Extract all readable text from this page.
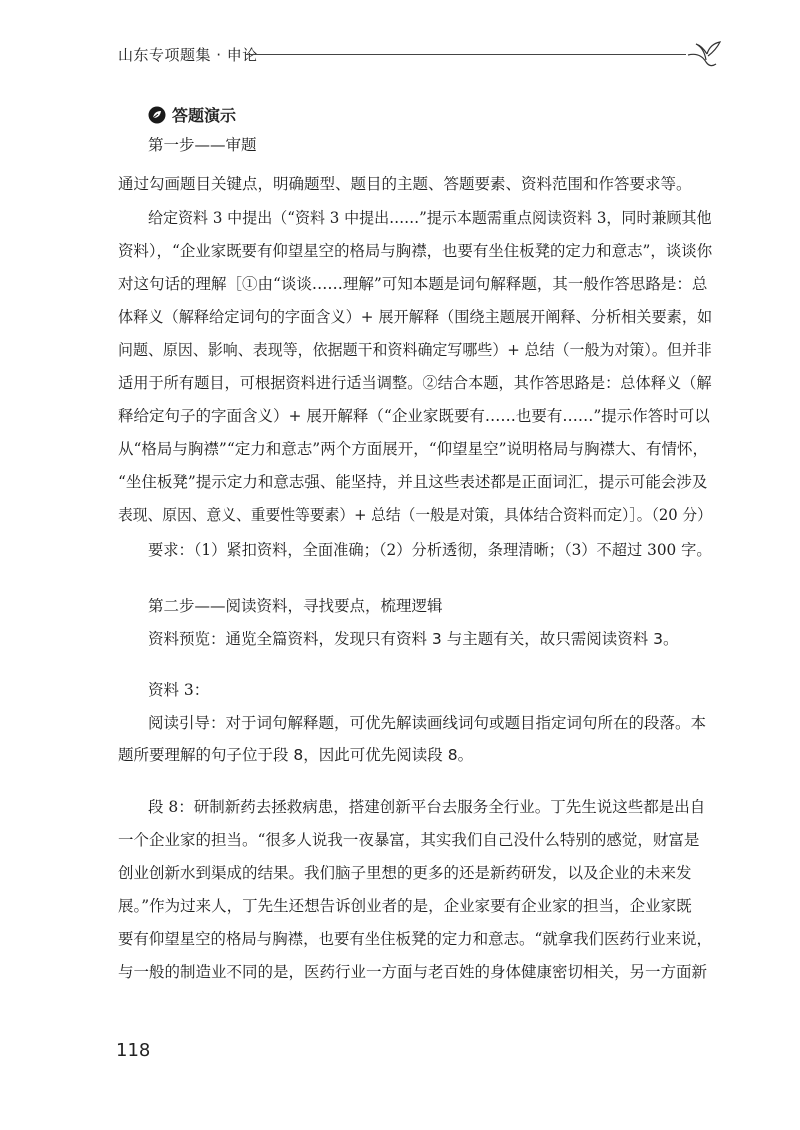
山东专项题集 · 申论
答题演示
第一步——审题
通过勾画题目关键点，明确题型、题目的主题、答题要素、资料范围和作答要求等。
给定资料 3 中提出（“资料 3 中提出……”提示本题需重点阅读资料 3，同时兼顾其他
资料），“企业家既要有仰望星空的格局与胸襟，也要有坐住板凳的定力和意志”，谈谈你
对这句话的理解［①由“谈谈……理解”可知本题是词句解释题，其一般作答思路是：总
体释义（解释给定词句的字面含义）+ 展开解释（围绕主题展开阐释、分析相关要素，如
问题、原因、影响、表现等，依据题干和资料确定写哪些）+ 总结（一般为对策）。但并非
适用于所有题目，可根据资料进行适当调整。②结合本题，其作答思路是：总体释义（解
释给定句子的字面含义）+ 展开解释（“企业家既要有……也要有……”提示作答时可以
从“格局与胸襟”“定力和意志”两个方面展开，“仰望星空”说明格局与胸襟大、有情怀，
“坐住板凳”提示定力和意志强、能坚持，并且这些表述都是正面词汇，提示可能会涉及
表现、原因、意义、重要性等要素）+ 总结（一般是对策，具体结合资料而定）］。（20 分）
要求：（1）紧扣资料，全面准确；（2）分析透彻，条理清晰；（3）不超过 300 字。
第二步——阅读资料，寻找要点，梳理逻辑
资料预览：通览全篇资料，发现只有资料 3 与主题有关，故只需阅读资料 3。
资料 3：
阅读引导：对于词句解释题，可优先解读画线词句或题目指定词句所在的段落。本
题所要理解的句子位于段 8，因此可优先阅读段 8。
段 8：研制新药去拯救病患，搭建创新平台去服务全行业。丁先生说这些都是出自
一个企业家的担当。“很多人说我一夜暴富，其实我们自己没什么特别的感觉，财富是
创业创新水到渠成的结果。我们脑子里想的更多的还是新药研发，以及企业的未来发
展。”作为过来人，丁先生还想告诉创业者的是，企业家要有企业家的担当，企业家既
要有仰望星空的格局与胸襟，也要有坐住板凳的定力和意志。“就拿我们医药行业来说，
与一般的制造业不同的是，医药行业一方面与老百姓的身体健康密切相关，另一方面新
118
